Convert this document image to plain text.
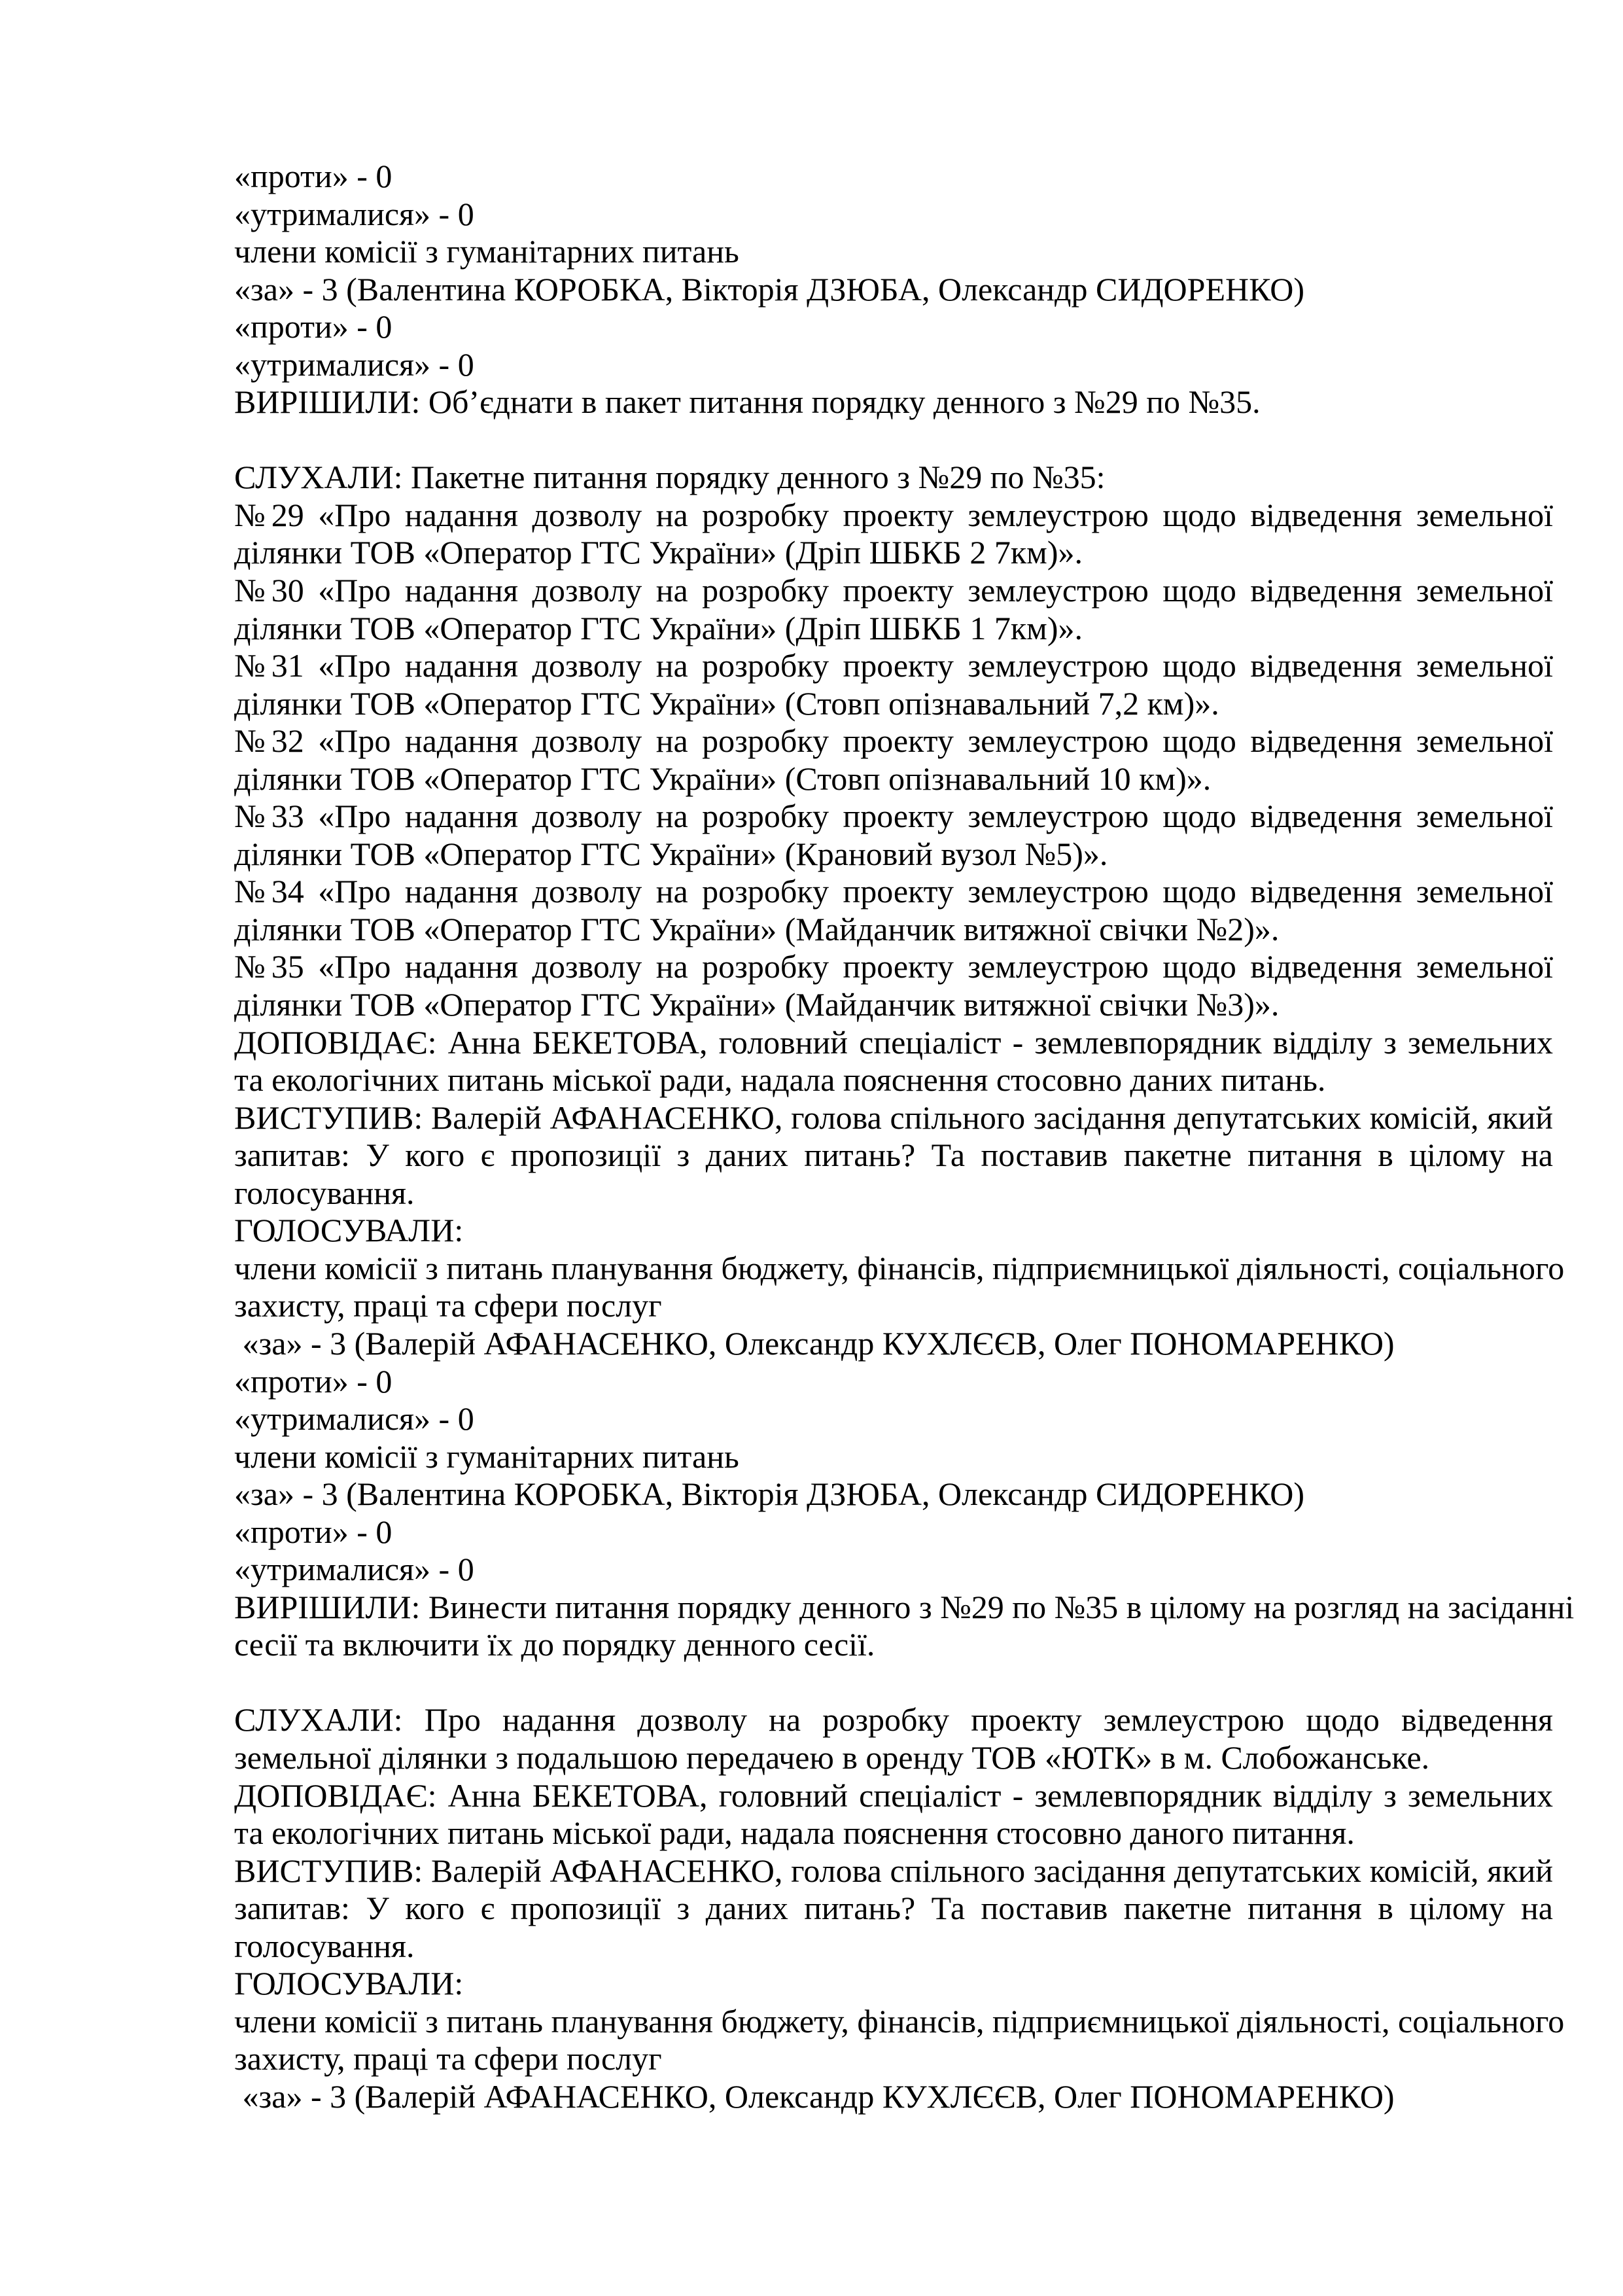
«проти» - 0
«утрималися» - 0
члени комісії з гуманітарних питань
«за» - 3 (Валентина КОРОБКА, Вікторія ДЗЮБА, Олександр СИДОРЕНКО)
«проти» - 0
«утрималися» - 0
ВИРІШИЛИ: Об’єднати в пакет питання порядку денного з №29 по №35.
СЛУХАЛИ: Пакетне питання порядку денного з №29 по №35:
№29 «Про надання дозволу на розробку проекту землеустрою щодо відведення земельної
ділянки ТОВ «Оператор ГТС України» (Дріп ШБКБ 2 7км)».
№30 «Про надання дозволу на розробку проекту землеустрою щодо відведення земельної
ділянки ТОВ «Оператор ГТС України» (Дріп ШБКБ 1 7км)».
№31 «Про надання дозволу на розробку проекту землеустрою щодо відведення земельної
ділянки ТОВ «Оператор ГТС України» (Стовп опізнавальний 7,2 км)».
№32 «Про надання дозволу на розробку проекту землеустрою щодо відведення земельної
ділянки ТОВ «Оператор ГТС України» (Стовп опізнавальний 10 км)».
№33 «Про надання дозволу на розробку проекту землеустрою щодо відведення земельної
ділянки ТОВ «Оператор ГТС України» (Крановий вузол №5)».
№34 «Про надання дозволу на розробку проекту землеустрою щодо відведення земельної
ділянки ТОВ «Оператор ГТС України» (Майданчик витяжної свічки №2)».
№35 «Про надання дозволу на розробку проекту землеустрою щодо відведення земельної
ділянки ТОВ «Оператор ГТС України» (Майданчик витяжної свічки №3)».
ДОПОВІДАЄ: Анна БЕКЕТОВА, головний спеціаліст - землевпорядник відділу з земельних
та екологічних питань міської ради, надала пояснення стосовно даних питань.
ВИСТУПИВ: Валерій АФАНАСЕНКО, голова спільного засідання депутатських комісій, який
запитав: У кого є пропозиції з даних питань? Та поставив пакетне питання в цілому на
голосування.
ГОЛОСУВАЛИ:
члени комісії з питань планування бюджету, фінансів, підприємницької діяльності, соціального
захисту, праці та сфери послуг
«за» - 3 (Валерій АФАНАСЕНКО, Олександр КУХЛЄЄВ, Олег ПОНОМАРЕНКО)
«проти» - 0
«утрималися» - 0
члени комісії з гуманітарних питань
«за» - 3 (Валентина КОРОБКА, Вікторія ДЗЮБА, Олександр СИДОРЕНКО)
«проти» - 0
«утрималися» - 0
ВИРІШИЛИ: Винести питання порядку денного з №29 по №35 в цілому на розгляд на засіданні
сесії та включити їх до порядку денного сесії.
СЛУХАЛИ: Про надання дозволу на розробку проекту землеустрою щодо відведення
земельної ділянки з подальшою передачею в оренду ТОВ «ЮТК» в м. Слобожанське.
ДОПОВІДАЄ: Анна БЕКЕТОВА, головний спеціаліст - землевпорядник відділу з земельних
та екологічних питань міської ради, надала пояснення стосовно даного питання.
ВИСТУПИВ: Валерій АФАНАСЕНКО, голова спільного засідання депутатських комісій, який
запитав: У кого є пропозиції з даних питань? Та поставив пакетне питання в цілому на
голосування.
ГОЛОСУВАЛИ:
члени комісії з питань планування бюджету, фінансів, підприємницької діяльності, соціального
захисту, праці та сфери послуг
«за» - 3 (Валерій АФАНАСЕНКО, Олександр КУХЛЄЄВ, Олег ПОНОМАРЕНКО)
